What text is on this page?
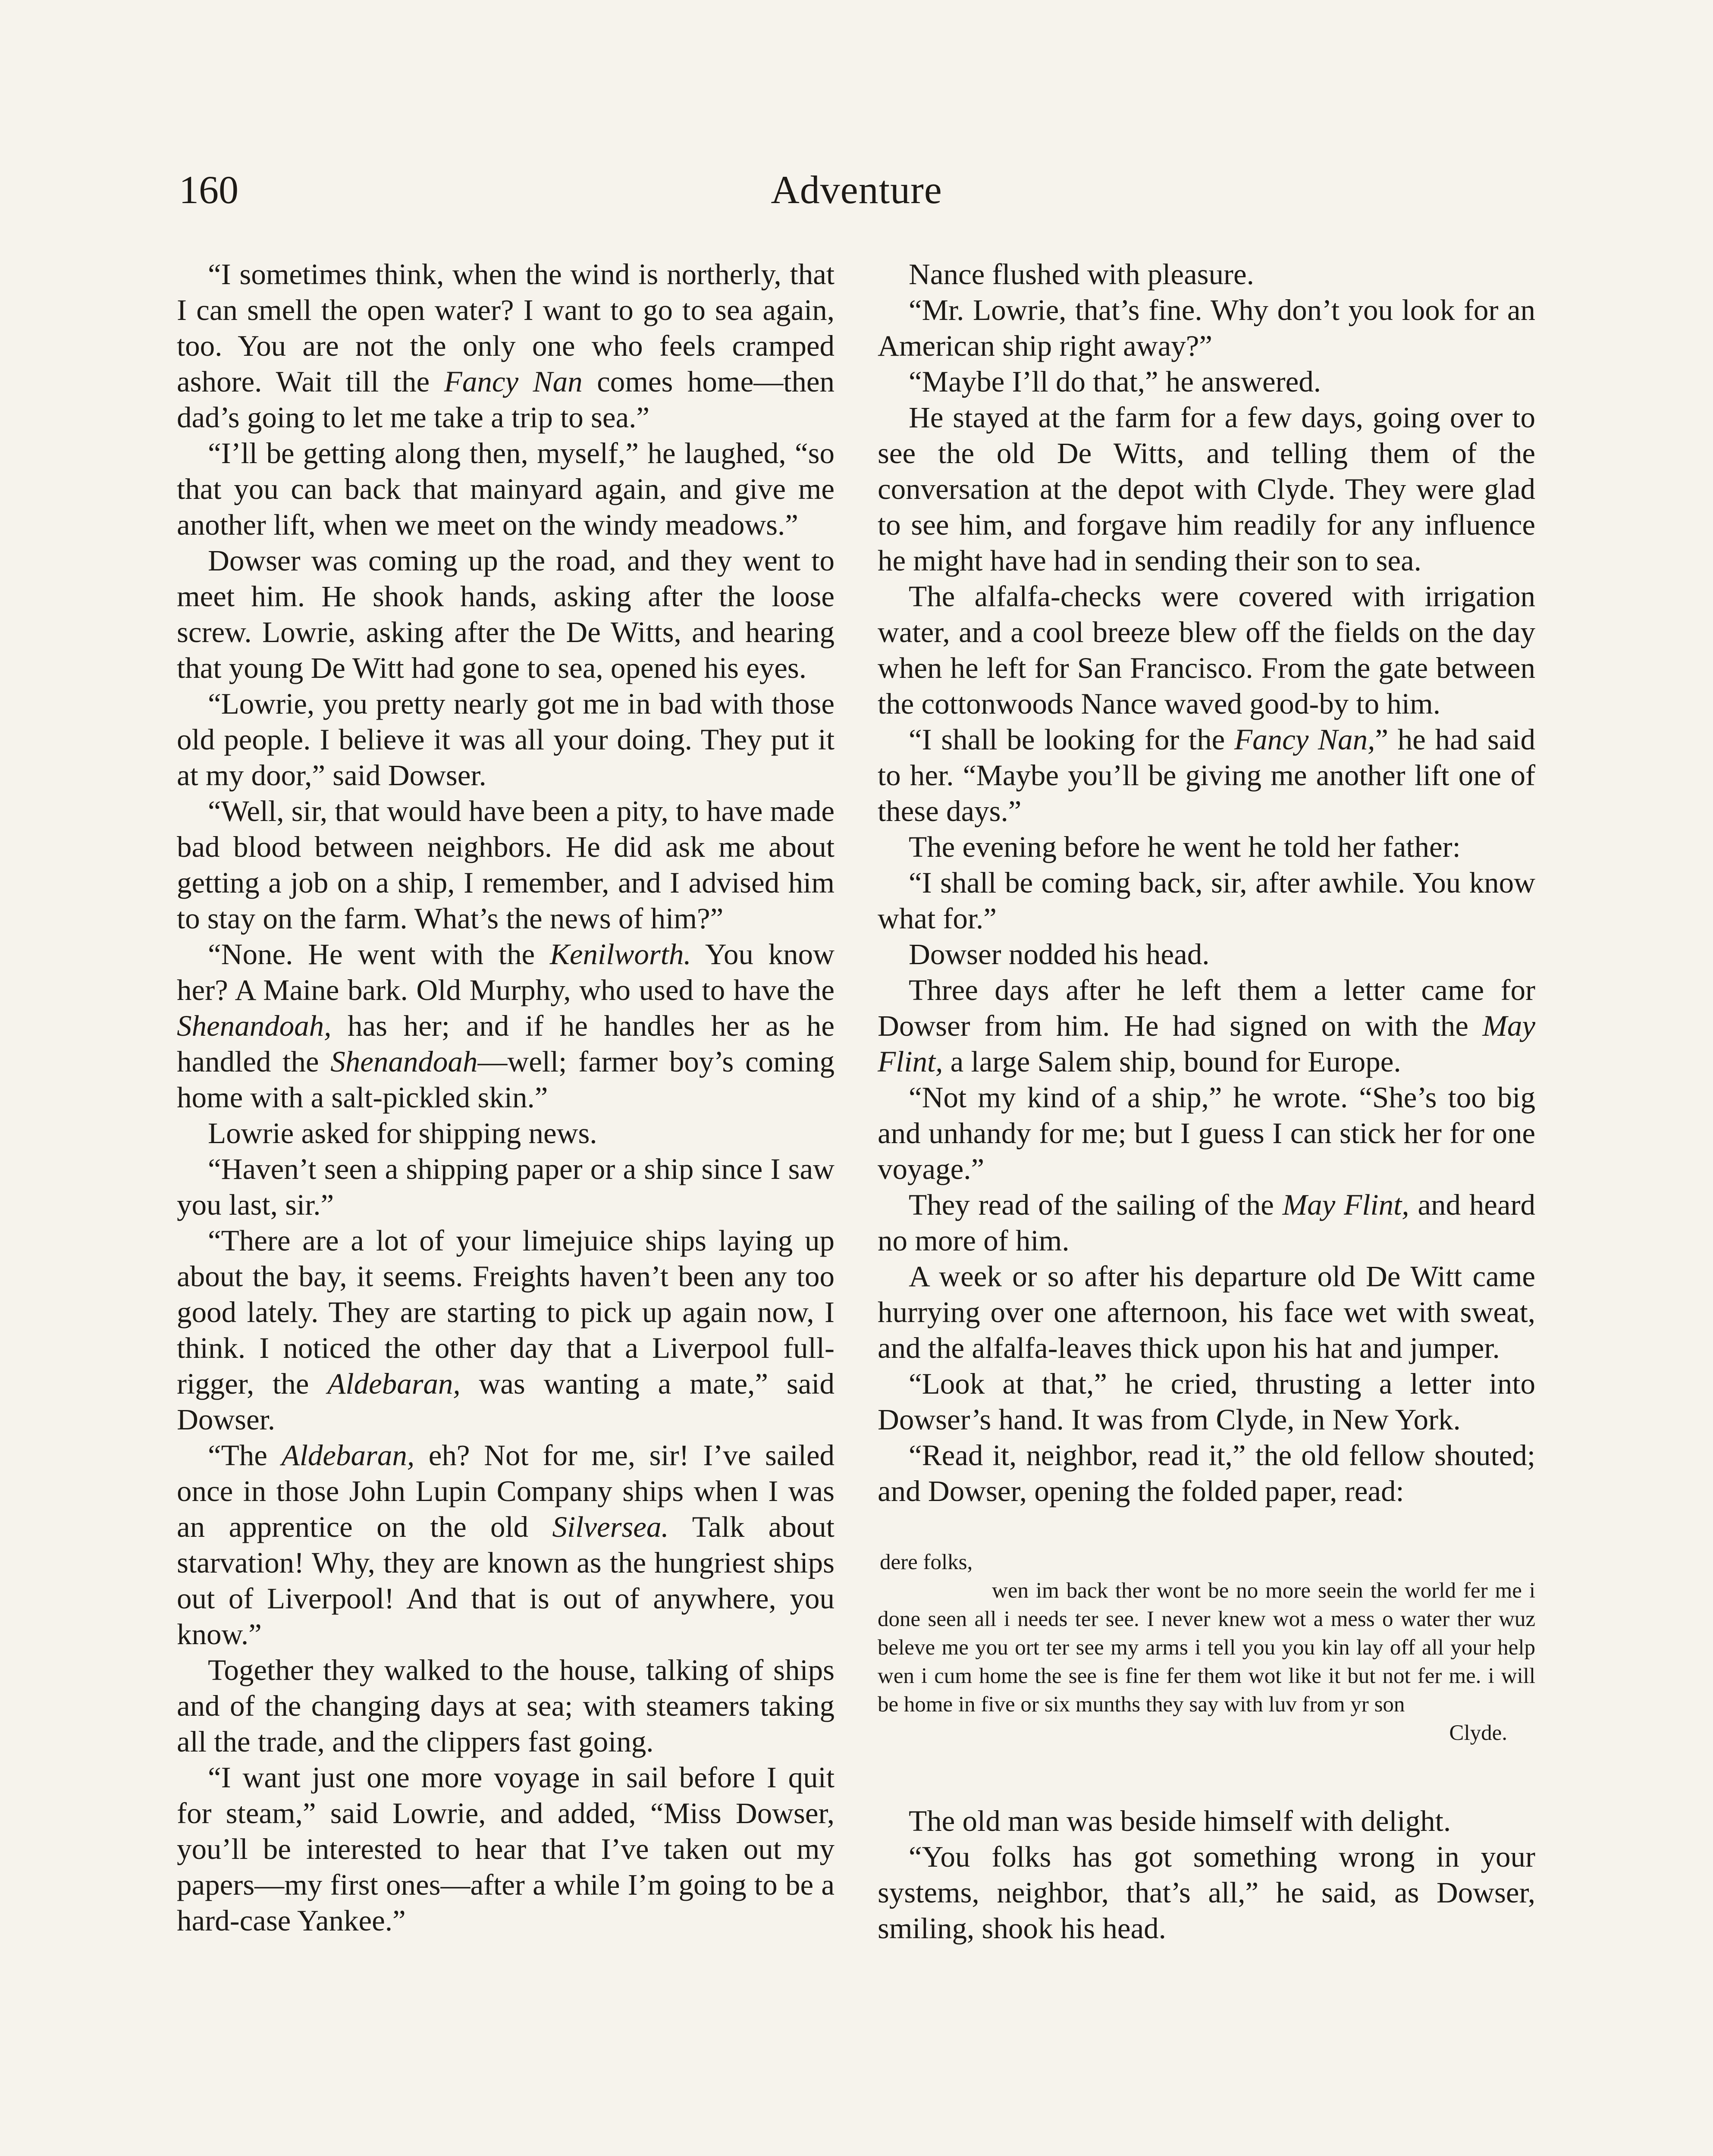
160	Adventure

“I sometimes think, when the wind is northerly, that I can smell the open water? I want to go to sea again, too. You are not the only one who feels cramped ashore. Wait till the Fancy Nan comes home—then dad’s going to let me take a trip to sea.”

“I’ll be getting along then, myself,” he laughed, “so that you can back that mainyard again, and give me another lift, when we meet on the windy meadows.”

Dowser was coming up the road, and they went to meet him. He shook hands, asking after the loose screw. Lowrie, asking after the De Witts, and hearing that young De Witt had gone to sea, opened his eyes.

“Lowrie, you pretty nearly got me in bad with those old people. I believe it was all your doing. They put it at my door,” said Dowser.

“Well, sir, that would have been a pity, to have made bad blood between neighbors. He did ask me about getting a job on a ship, I remember, and I advised him to stay on the farm. What’s the news of him?”

“None. He went with the Kenilworth. You know her? A Maine bark. Old Murphy, who used to have the Shenandoah, has her; and if he handles her as he handled the Shenandoah—well; farmer boy’s coming home with a salt-pickled skin.”

Lowrie asked for shipping news.

“Haven’t seen a shipping paper or a ship since I saw you last, sir.”

“There are a lot of your limejuice ships laying up about the bay, it seems. Freights haven’t been any too good lately. They are starting to pick up again now, I think. I noticed the other day that a Liverpool full-rigger, the Aldebaran, was wanting a mate,” said Dowser.

“The Aldebaran, eh? Not for me, sir! I’ve sailed once in those John Lupin Company ships when I was an apprentice on the old Silversea. Talk about starvation! Why, they are known as the hungriest ships out of Liverpool! And that is out of anywhere, you know.”

Together they walked to the house, talking of ships and of the changing days at sea; with steamers taking all the trade, and the clippers fast going.

“I want just one more voyage in sail before I quit for steam,” said Lowrie, and added, “Miss Dowser, you’ll be interested to hear that I’ve taken out my papers—my first ones—after a while I’m going to be a hard-case Yankee.”

Nance flushed with pleasure.

“Mr. Lowrie, that’s fine. Why don’t you look for an American ship right away?”

“Maybe I’ll do that,” he answered.

He stayed at the farm for a few days, going over to see the old De Witts, and telling them of the conversation at the depot with Clyde. They were glad to see him, and forgave him readily for any influence he might have had in sending their son to sea.

The alfalfa-checks were covered with irrigation water, and a cool breeze blew off the fields on the day when he left for San Francisco. From the gate between the cottonwoods Nance waved good-by to him.

“I shall be looking for the Fancy Nan,” he had said to her. “Maybe you’ll be giving me another lift one of these days.”

The evening before he went he told her father:

“I shall be coming back, sir, after awhile. You know what for.”

Dowser nodded his head.

Three days after he left them a letter came for Dowser from him. He had signed on with the May Flint, a large Salem ship, bound for Europe.

“Not my kind of a ship,” he wrote. “She’s too big and unhandy for me; but I guess I can stick her for one voyage.”

They read of the sailing of the May Flint, and heard no more of him.

A week or so after his departure old De Witt came hurrying over one afternoon, his face wet with sweat, and the alfalfa-leaves thick upon his hat and jumper.

“Look at that,” he cried, thrusting a letter into Dowser’s hand. It was from Clyde, in New York.

“Read it, neighbor, read it,” the old fellow shouted; and Dowser, opening the folded paper, read:

dere folks,
wen im back ther wont be no more seein the world fer me i done seen all i needs ter see. I never knew wot a mess o water ther wuz beleve me you ort ter see my arms i tell you you kin lay off all your help wen i cum home the see is fine fer them wot like it but not fer me. i will be home in five or six munths they say with luv from yr son
Clyde.

The old man was beside himself with delight.

“You folks has got something wrong in your systems, neighbor, that’s all,” he said, as Dowser, smiling, shook his head.
